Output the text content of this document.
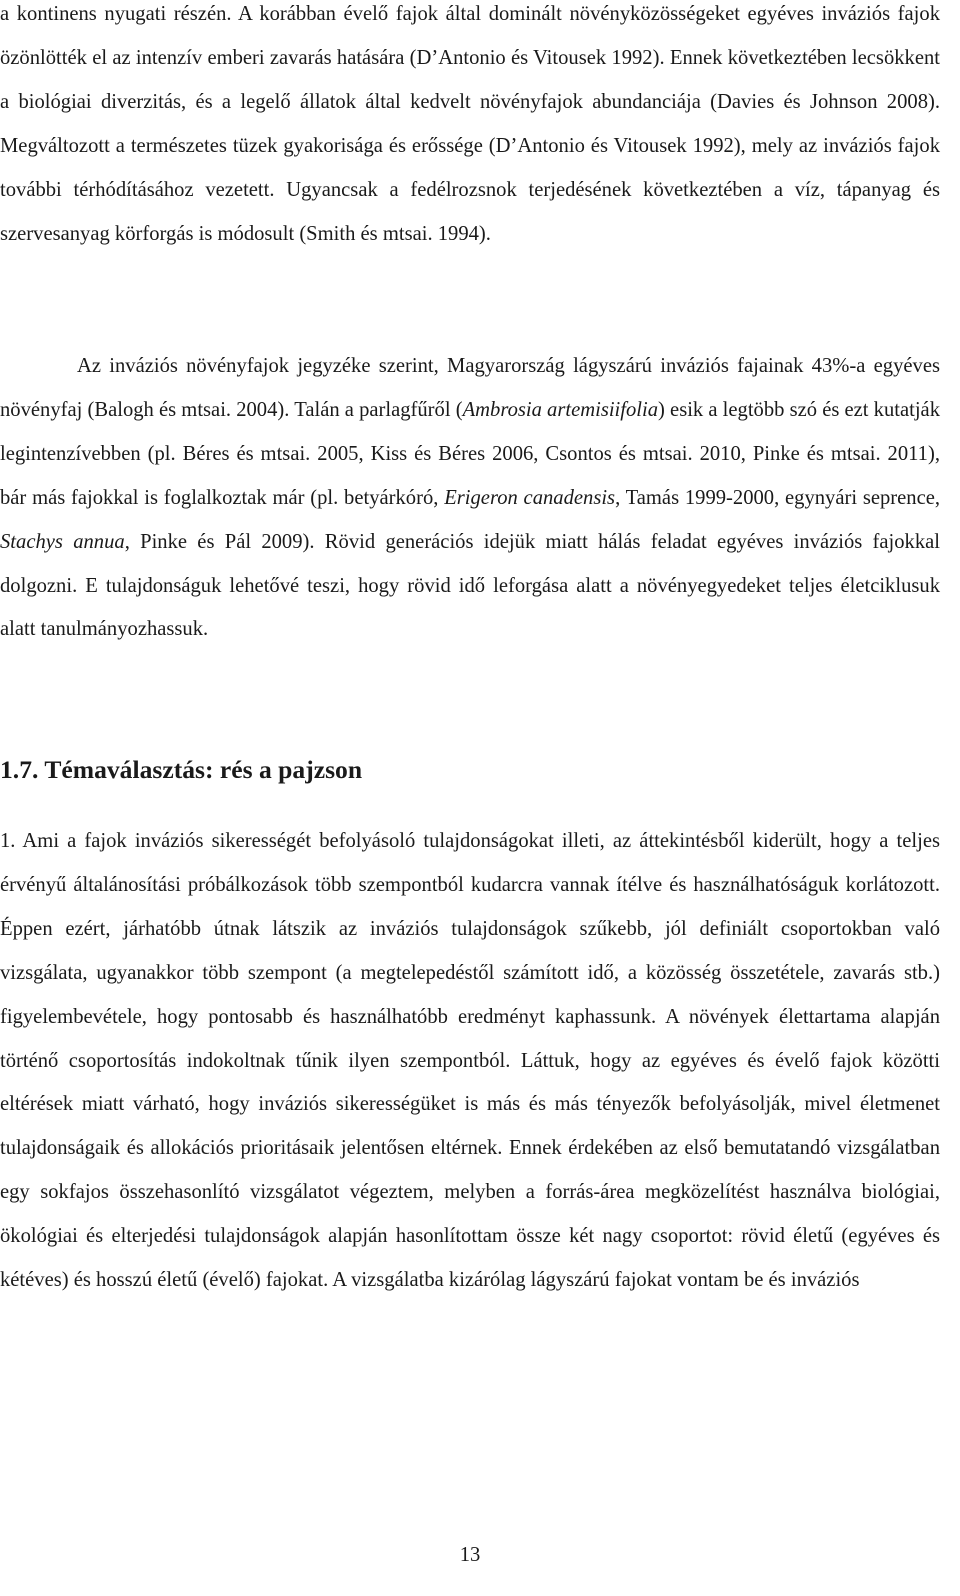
a kontinens nyugati részén. A korábban évelő fajok által dominált növényközösségeket egyéves inváziós fajok özönlötték el az intenzív emberi zavarás hatására (D’Antonio és Vitousek 1992). Ennek következtében lecsökkent a biológiai diverzitás, és a legelő állatok által kedvelt növényfajok abundanciája (Davies és Johnson 2008). Megváltozott a természetes tüzek gyakorisága és erőssége (D’Antonio és Vitousek 1992), mely az inváziós fajok további térhódításához vezetett. Ugyancsak a fedélrozsnok terjedésének következtében a víz, tápanyag és szervesanyag körforgás is módosult (Smith és mtsai. 1994).

Az inváziós növényfajok jegyzéke szerint, Magyarország lágyszárú inváziós fajainak 43%-a egyéves növényfaj (Balogh és mtsai. 2004). Talán a parlagfűről (Ambrosia artemisiifolia) esik a legtöbb szó és ezt kutatják legintenzívebben (pl. Béres és mtsai. 2005, Kiss és Béres 2006, Csontos és mtsai. 2010, Pinke és mtsai. 2011), bár más fajokkal is foglalkoztak már (pl. betyárkóró, Erigeron canadensis, Tamás 1999-2000, egynyári seprence, Stachys annua, Pinke és Pál 2009). Rövid generációs idejük miatt hálás feladat egyéves inváziós fajokkal dolgozni. E tulajdonságuk lehetővé teszi, hogy rövid idő leforgása alatt a növényegyedeket teljes életciklusuk alatt tanulmányozhassuk.

1.7. Témaválasztás: rés a pajzson

1. Ami a fajok inváziós sikerességét befolyásoló tulajdonságokat illeti, az áttekintésből kiderült, hogy a teljes érvényű általánosítási próbálkozások több szempontból kudarcra vannak ítélve és használhatóságuk korlátozott. Éppen ezért, járhatóbb útnak látszik az inváziós tulajdonságok szűkebb, jól definiált csoportokban való vizsgálata, ugyanakkor több szempont (a megtelepedéstől számított idő, a közösség összetétele, zavarás stb.) figyelembevétele, hogy pontosabb és használhatóbb eredményt kaphassunk. A növények élettartama alapján történő csoportosítás indokoltnak tűnik ilyen szempontból. Láttuk, hogy az egyéves és évelő fajok közötti eltérések miatt várható, hogy inváziós sikerességüket is más és más tényezők befolyásolják, mivel életmenet tulajdonságaik és allokációs prioritásaik jelentősen eltérnek. Ennek érdekében az első bemutatandó vizsgálatban egy sokfajos összehasonlító vizsgálatot végeztem, melyben a forrás-área megközelítést használva biológiai, ökológiai és elterjedési tulajdonságok alapján hasonlítottam össze két nagy csoportot: rövid életű (egyéves és kétéves) és hosszú életű (évelő) fajokat. A vizsgálatba kizárólag lágyszárú fajokat vontam be és inváziós

13
